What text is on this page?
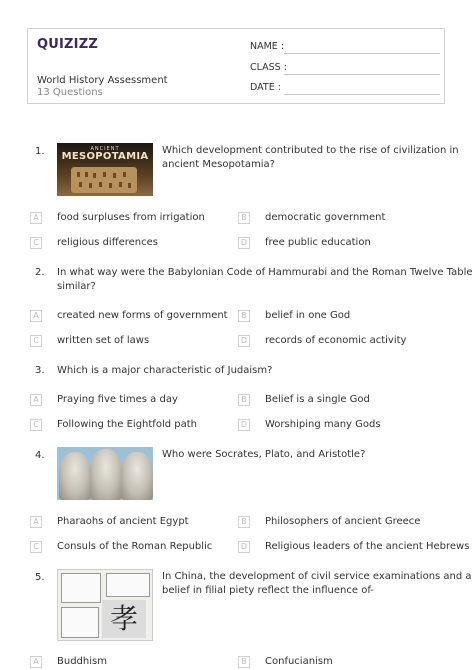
QUIZIZZ
World History Assessment
13 Questions
NAME :
CLASS :
DATE :
1.	ANCIENT
MESOPOTAMIA
Which development contributed to the rise of civilization in
ancient Mesopotamia?
A	food surpluses from irrigation	B	democratic government
C	religious differences	D free public education
2. In what way were the Babylonian Code of Hammurabi and the Roman Twelve Table
similar?
A	created new forms of government	B	belief in one God
C	written set of laws	D records of economic activity
3. Which is a major characteristic of Judaism?
A	Praying five times a day	B	Belief is a single God
C	Following the Eightfold path	D Worshiping many Gods
4.	Who were Socrates, Plato, and Aristotle?
A	Pharaohs of ancient Egypt	B	Philosophers of ancient Greece
C	Consuls of the Roman Republic	D Religious leaders of the ancient Hebrews
5.
孝
In China, the development of civil service examinations and a
belief in filial piety reflect the influence of-
A	Buddhism	B	Confucianism
